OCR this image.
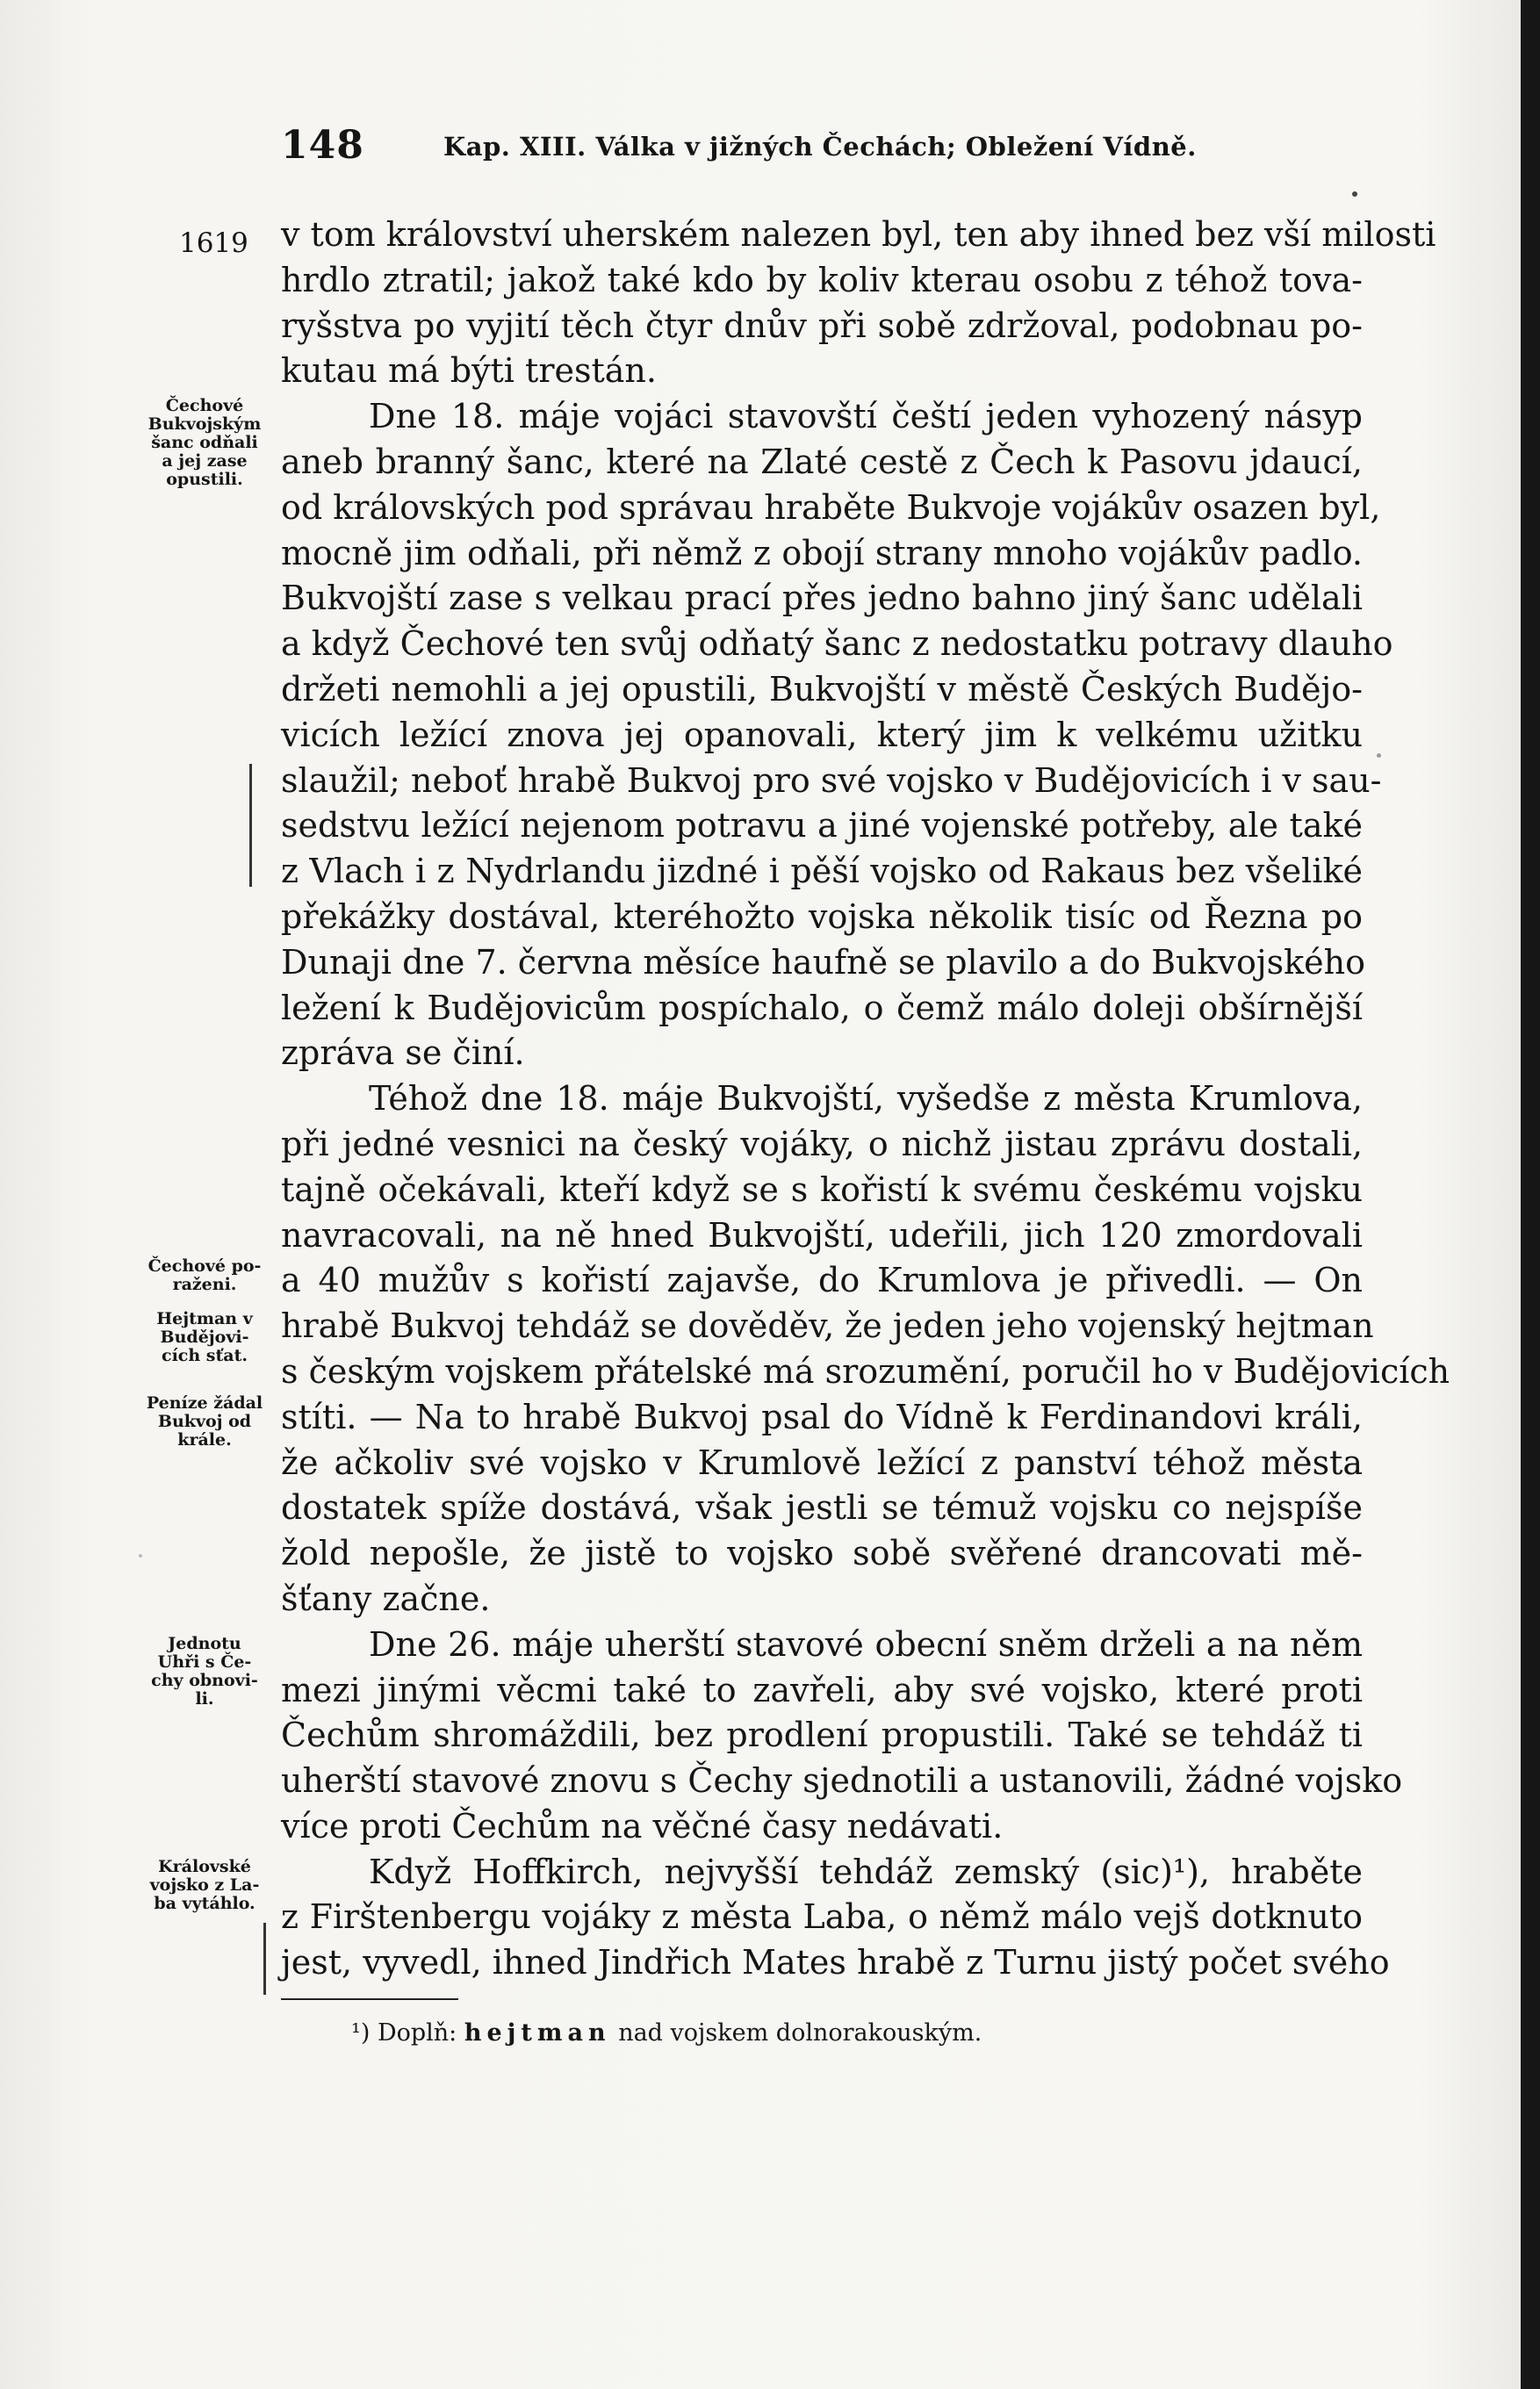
148	Kap. XIII. Válka v jižných Čechách; Obležení Vídně.
1619 v tom království uherském nalezen byl, ten aby ihned bez vší milosti
hrdlo ztratil; jakož také kdo by koliv kterau osobu z téhož tova-
ryšstva po vyjití těch čtyr dnův při sobě zdržoval, podobnau po-
kutau má býti trestán.
Dne 18. máje vojáci stavovští čeští jeden vyhozený násyp
aneb branný šanc, které na Zlaté cestě z Čech k Pasovu jdaucí,
od královských pod správau hraběte Bukvoje vojákův osazen byl,
mocně jim odňali, při němž z obojí strany mnoho vojákův padlo.
Bukvojští zase s velkau prací přes jedno bahno jiný šanc udělali
a když Čechové ten svůj odňatý šanc z nedostatku potravy dlauho
držeti nemohli a jej opustili, Bukvojští v městě Českých Budějo-
vicích ležící znova jej opanovali, který jim k velkému užitku
slaužil; neboť hrabě Bukvoj pro své vojsko v Budějovicích i v sau-
sedstvu ležící nejenom potravu a jiné vojenské potřeby, ale také
z Vlach i z Nydrlandu jizdné i pěší vojsko od Rakaus bez všeliké
překážky dostával, kteréhožto vojska několik tisíc od Řezna po
Dunaji dne 7. června měsíce haufně se plavilo a do Bukvojského
ležení k Budějovicům pospíchalo, o čemž málo doleji obšírnější
zpráva se činí.
Téhož dne 18. máje Bukvojští, vyšedše z města Krumlova,
při jedné vesnici na český vojáky, o nichž jistau zprávu dostali,
tajně očekávali, kteří když se s kořistí k svému českému vojsku
navracovali, na ně hned Bukvojští, udeřili, jich 120 zmordovali
a 40 mužův s kořistí zajavše, do Krumlova je přivedli. — On
hrabě Bukvoj tehdáž se dověděv, že jeden jeho vojenský hejtman
s českým vojskem přátelské má srozumění, poručil ho v Budějovicích
stíti. — Na to hrabě Bukvoj psal do Vídně k Ferdinandovi králi,
že ačkoliv své vojsko v Krumlově ležící z panství téhož města
dostatek spíže dostává, však jestli se témuž vojsku co nejspíše
žold nepošle, že jistě to vojsko sobě svěřené drancovati mě-
šťany začne.
Dne 26. máje uherští stavové obecní sněm drželi a na něm
mezi jinými věcmi také to zavřeli, aby své vojsko, které proti
Čechům shromáždili, bez prodlení propustili. Také se tehdáž ti
uherští stavové znovu s Čechy sjednotili a ustanovili, žádné vojsko
více proti Čechům na věčné časy nedávati.
Když Hoffkirch, nejvyšší tehdáž zemský (sic)¹), hraběte
z Firštenbergu vojáky z města Laba, o němž málo vejš dotknuto
jest, vyvedl, ihned Jindřich Mates hrabě z Turnu jistý počet svého
Čechové
Bukvojským
šanc odňali
a jej zase
opustili.
Čechové po-
raženi.
Hejtman v
Budějovi-
cích sťat.
Peníze žádal
Bukvoj od
krále.
Jednotu
Uhři s Če-
chy obnovi-
li.
Královské
vojsko z La-
ba vytáhlo.
¹) Doplň: hejtman nad vojskem dolnorakouským.
